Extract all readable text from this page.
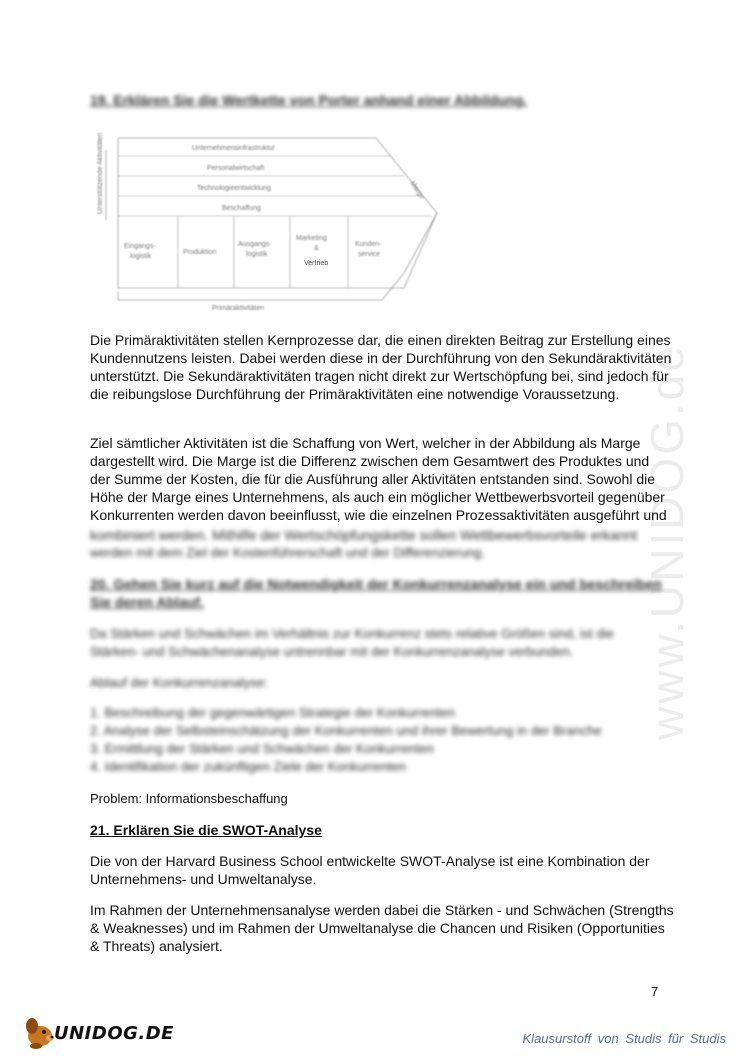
www.UNIDOG.de

19. Erklären Sie die Wertkette von Porter anhand einer Abbildung.

Unterstützende Aktivitäten	Unternehmensinfrastruktur
Personalwirtschaft
Technologieentwicklung
Beschaffung
Eingangs-
logistik
Produktion
Ausgangs-
logistik
Marketing
&
Kunden-
service
Marge
Primäraktivitäten
Vertrieb

Die Primäraktivitäten stellen Kernprozesse dar, die einen direkten Beitrag zur Erstellung eines Kundennutzens leisten. Dabei werden diese in der Durchführung von den Sekundäraktivitäten unterstützt. Die Sekundäraktivitäten tragen nicht direkt zur Wertschöpfung bei, sind jedoch für die reibungslose Durchführung der Primäraktivitäten eine notwendige Voraussetzung.

Ziel sämtlicher Aktivitäten ist die Schaffung von Wert, welcher in der Abbildung als Marge

dargestellt wird. Die Marge ist die Differenz zwischen dem Gesamtwert des Produktes und

der Summe der Kosten, die für die Ausführung aller Aktivitäten entstanden sind. Sowohl die

Höhe der Marge eines Unternehmens, als auch ein möglicher Wettbewerbsvorteil gegenüber

Konkurrenten werden davon beeinflusst, wie die einzelnen Prozessaktivitäten ausgeführt und

kombiniert werden. Mithilfe der Wertschöpfungskette sollen Wettbewerbsvorteile erkannt

werden mit dem Ziel der Kostenführerschaft und der Differenzierung.

20. Gehen Sie kurz auf die Notwendigkeit der Konkurrenzanalyse ein und beschreiben

Sie deren Ablauf.

Da Stärken und Schwächen im Verhältnis zur Konkurrenz stets relative Größen sind, ist die

Stärken- und Schwächenanalyse untrennbar mit der Konkurrenzanalyse verbunden.

Ablauf der Konkurrenzanalyse:

1. Beschreibung der gegenwärtigen Strategie der Konkurrenten

2. Analyse der Selbsteinschätzung der Konkurrenten und ihrer Bewertung in der Branche

3. Ermittlung der Stärken und Schwächen der Konkurrenten

4. Identifikation der zukünftigen Ziele der Konkurrenten

Problem: Informationsbeschaffung

21. Erklären Sie die SWOT-Analyse

Die von der Harvard Business School entwickelte SWOT-Analyse ist eine Kombination der Unternehmens- und Umweltanalyse.

Im Rahmen der Unternehmensanalyse werden dabei die Stärken - und Schwächen (Strengths & Weaknesses) und im Rahmen der Umweltanalyse die Chancen und Risiken (Opportunities & Threats) analysiert.

7
UNIDOG.DE	Klausurstoff von Studis für Studis
